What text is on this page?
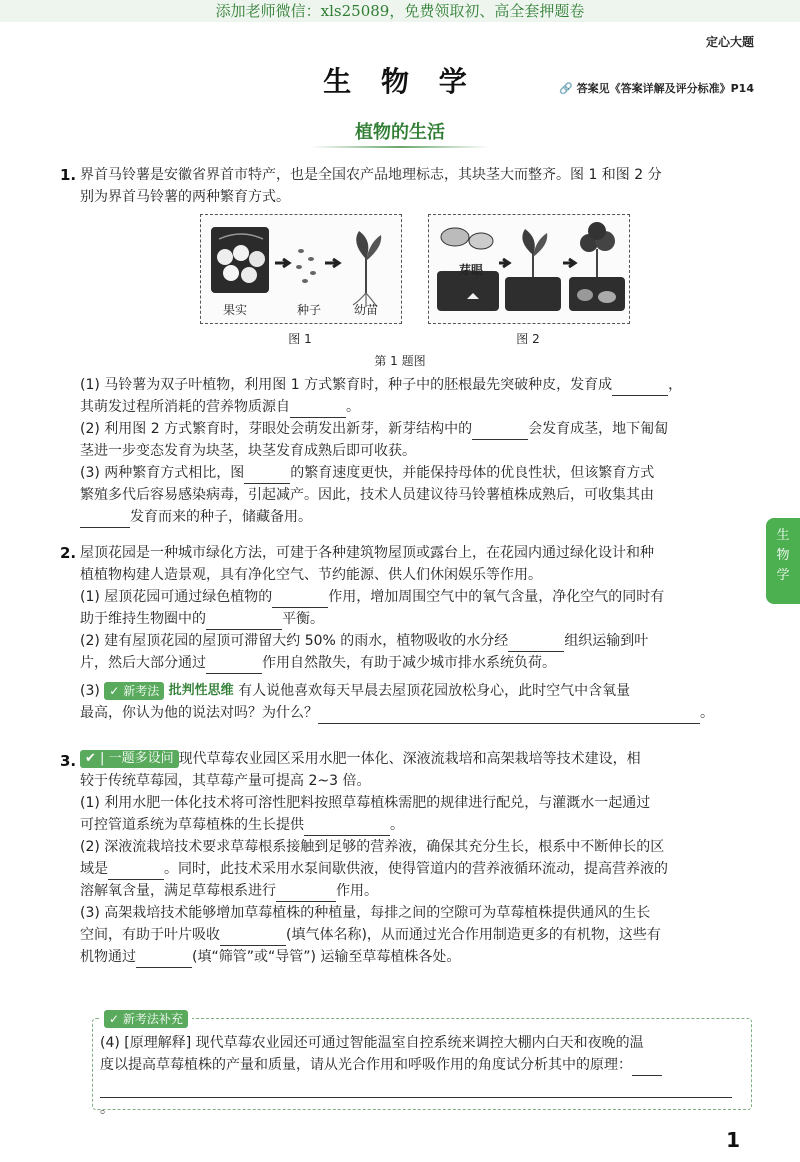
添加老师微信：xls25089，免费领取初、高全套押题卷
定心大题
生 物 学	🔗 答案见《答案详解及评分标准》P14
植物的生活
生
物
学
1. 界首马铃薯是安徽省界首市特产，也是全国农产品地理标志，其块茎大而整齐。图 1 和图 2 分
别为界首马铃薯的两种繁育方式。
果实	种子	幼苗
芽眼
图 1	图 2
第 1 题图
(1) 马铃薯为双子叶植物，利用图 1 方式繁育时，种子中的胚根最先突破种皮，发育成	，
其萌发过程所消耗的营养物质源自	。
(2) 利用图 2 方式繁育时，芽眼处会萌发出新芽，新芽结构中的	会发育成茎，地下匍匐
茎进一步变态发育为块茎，块茎发育成熟后即可收获。
(3) 两种繁育方式相比，图	的繁育速度更快，并能保持母体的优良性状，但该繁育方式
繁殖多代后容易感染病毒，引起减产。因此，技术人员建议待马铃薯植株成熟后，可收集其由
发育而来的种子，储藏备用。
2. 屋顶花园是一种城市绿化方法，可建于各种建筑物屋顶或露台上，在花园内通过绿化设计和种
植植物构建人造景观，具有净化空气、节约能源、供人们休闲娱乐等作用。
(1) 屋顶花园可通过绿色植物的	作用，增加周围空气中的氧气含量，净化空气的同时有
助于维持生物圈中的	平衡。
(2) 建有屋顶花园的屋顶可滞留大约 50% 的雨水，植物吸收的水分经	组织运输到叶
片，然后大部分通过	作用自然散失，有助于减少城市排水系统负荷。
(3) ✓ 新考法 批判性思维 有人说他喜欢每天早晨去屋顶花园放松身心，此时空气中含氧量
最高，你认为他的说法对吗？为什么？	。
3. ✔ | 一题多设问 现代草莓农业园区采用水肥一体化、深液流栽培和高架栽培等技术建设，相
较于传统草莓园，其草莓产量可提高 2~3 倍。
(1) 利用水肥一体化技术将可溶性肥料按照草莓植株需肥的规律进行配兑，与灌溉水一起通过
可控管道系统为草莓植株的生长提供	。
(2) 深液流栽培技术要求草莓根系接触到足够的营养液，确保其充分生长，根系中不断伸长的区
域是	。同时，此技术采用水泵间歇供液，使得管道内的营养液循环流动，提高营养液的
溶解氧含量，满足草莓根系进行	作用。
(3) 高架栽培技术能够增加草莓植株的种植量，每排之间的空隙可为草莓植株提供通风的生长
空间，有助于叶片吸收	(填气体名称)，从而通过光合作用制造更多的有机物，这些有
机物通过	(填“筛管”或“导管”) 运输至草莓植株各处。
✓ 新考法补充
(4) [原理解释] 现代草莓农业园还可通过智能温室自控系统来调控大棚内白天和夜晚的温
度以提高草莓植株的产量和质量，请从光合作用和呼吸作用的角度试分析其中的原理：
。
1
